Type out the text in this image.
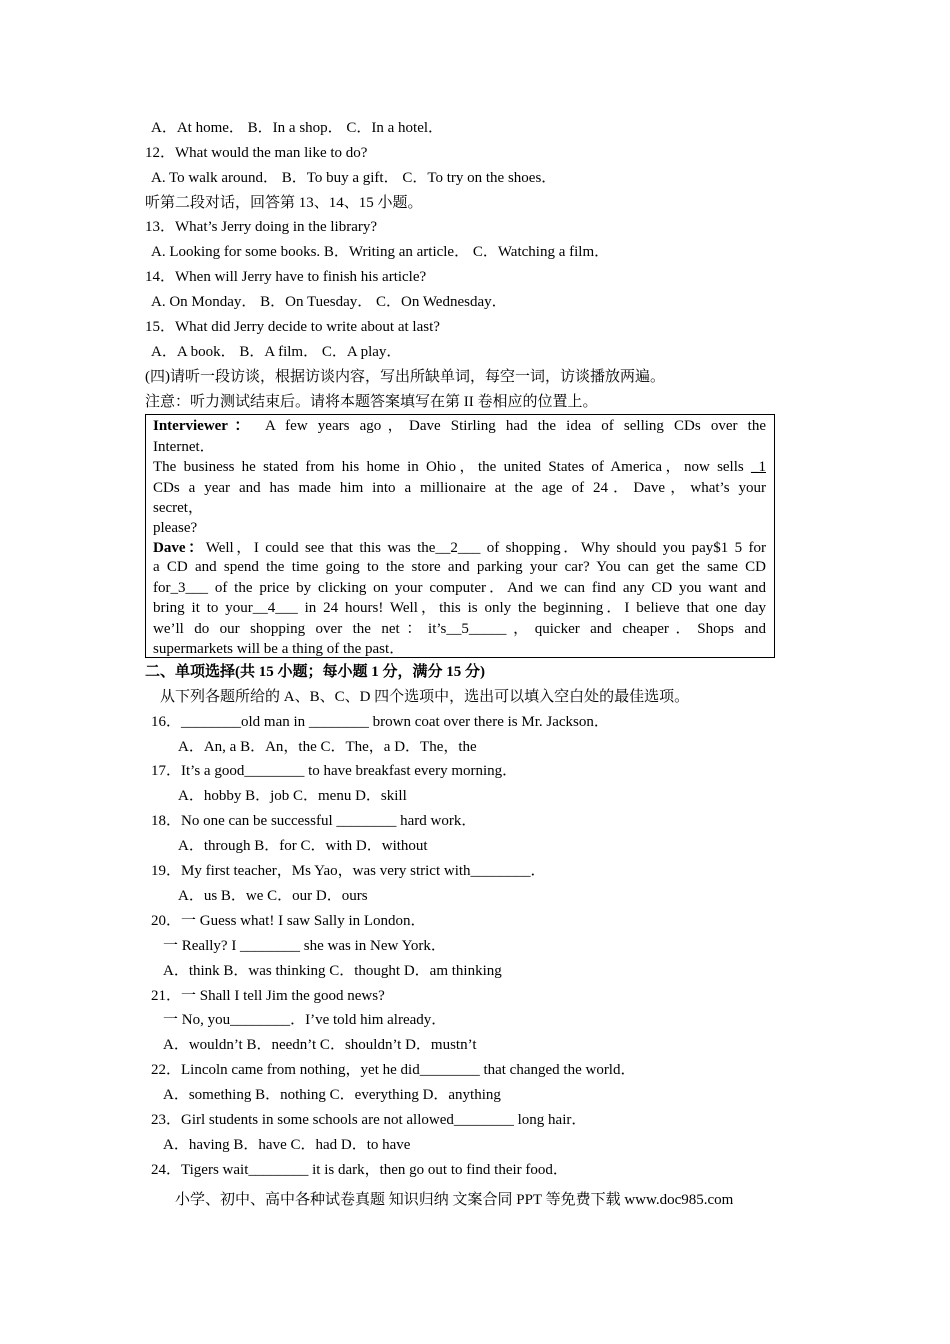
A．At home． B．In a shop． C．In a hotel．
12．What would the man like to do?
A. To walk around． B．To buy a gift． C．To try on the shoes．
听第二段对话，回答第 13、14、15 小题。
13．What’s Jerry doing in the library?
A. Looking for some books. B．Writing an article． C．Watching a film．
14．When will Jerry have to finish his article?
A. On Monday． B．On Tuesday． C．On Wednesday．
15．What did Jerry decide to write about at last?
A．A book． B．A film． C．A play．
(四)请听一段访谈，根据访谈内容，写出所缺单词，每空一词，访谈播放两遍。
注意：听力测试结束后。请将本题答案填写在第 II 卷相应的位置上。
Interviewer： A few years ago，Dave Stirling had the idea of selling CDs over the
Internet．
The business he stated from his home in Ohio，the united States of America，now sells _1
CDs a year and has made him into a millionaire at the age of 24．Dave，what’s your
secret，
please?
Dave：Well，I could see that this was the__2___ of shopping．Why should you pay$1 5 for
a CD and spend the time going to the store and parking your car? You can get the same CD
for_3___ of the price by clicking on your computer．And we can find any CD you want and
bring it to your__4___ in 24 hours! Well，this is only the beginning．I believe that one day
we’ll do our shopping over the net：it’s__5_____，quicker and cheaper．Shops and
supermarkets will be a thing of the past．
二、单项选择(共 15 小题；每小题 1 分，满分 15 分)
从下列各题所给的 A、B、C、D 四个选项中，选出可以填入空白处的最佳选项。
16．________old man in ________ brown coat over there is Mr. Jackson．
A．An, a B．An，the C．The，a D．The，the
17．It’s a good________ to have breakfast every morning．
A．hobby B．job C．menu D．skill
18．No one can be successful ________ hard work．
A．through B．for C．with D．without
19．My first teacher，Ms Yao，was very strict with________．
A．us B．we C．our D．ours
20．一 Guess what! I saw Sally in London．
一 Really? I ________ she was in New York．
A．think B．was thinking C．thought D．am thinking
21．一 Shall I tell Jim the good news?
一 No, you________．I’ve told him already．
A．wouldn’t B．needn’t C．shouldn’t D．mustn’t
22．Lincoln came from nothing，yet he did________ that changed the world．
A．something B．nothing C．everything D．anything
23．Girl students in some schools are not allowed________ long hair．
A．having B．have C．had D．to have
24．Tigers wait________ it is dark，then go out to find their food．
小学、初中、高中各种试卷真题 知识归纳 文案合同 PPT 等免费下载 www.doc985.com
